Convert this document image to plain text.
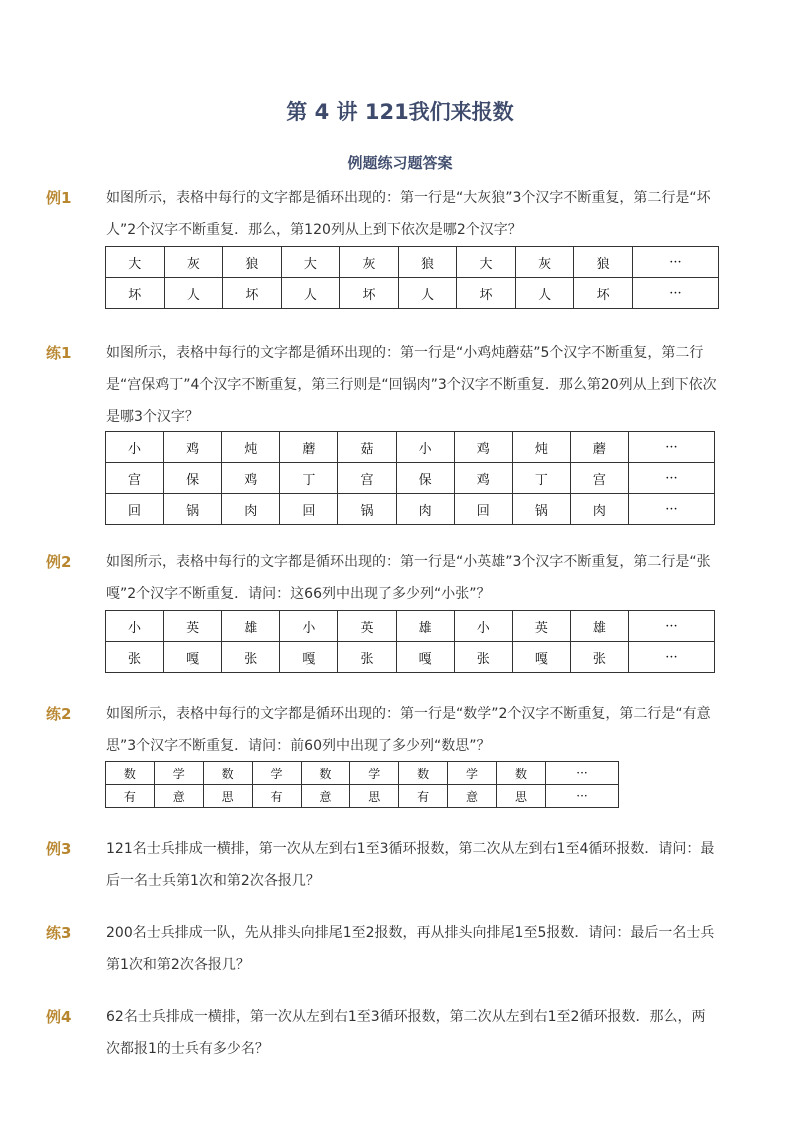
第 4 讲 121我们来报数
例题练习题答案
例1 如图所示，表格中每行的文字都是循环出现的：第一行是“大灰狼”3个汉字不断重复，第二行是“坏人”2个汉字不断重复．那么，第120列从上到下依次是哪2个汉字？
大	灰	狼	大	灰	狼	大	灰	狼	···
坏	人	坏	人	坏	人	坏	人	坏	···
练1 如图所示，表格中每行的文字都是循环出现的：第一行是“小鸡炖蘑菇”5个汉字不断重复，第二行是“宫保鸡丁”4个汉字不断重复，第三行则是“回锅肉”3个汉字不断重复．那么第20列从上到下依次是哪3个汉字？
小	鸡	炖	蘑	菇	小	鸡	炖	蘑	···
宫	保	鸡	丁	宫	保	鸡	丁	宫	···
回	锅	肉	回	锅	肉	回	锅	肉	···
例2 如图所示，表格中每行的文字都是循环出现的：第一行是“小英雄”3个汉字不断重复，第二行是“张嘎”2个汉字不断重复．请问：这66列中出现了多少列“小张”？
小	英	雄	小	英	雄	小	英	雄	···
张	嘎	张	嘎	张	嘎	张	嘎	张	···
练2 如图所示，表格中每行的文字都是循环出现的：第一行是“数学”2个汉字不断重复，第二行是“有意思”3个汉字不断重复．请问：前60列中出现了多少列“数思”？
数	学	数	学	数	学	数	学	数	···
有	意	思	有	意	思	有	意	思	···
例3 121名士兵排成一横排，第一次从左到右1至3循环报数，第二次从左到右1至4循环报数．请问：最后一名士兵第1次和第2次各报几？
练3 200名士兵排成一队，先从排头向排尾1至2报数，再从排头向排尾1至5报数．请问：最后一名士兵第1次和第2次各报几？
例4 62名士兵排成一横排，第一次从左到右1至3循环报数，第二次从左到右1至2循环报数．那么，两次都报1的士兵有多少名？
